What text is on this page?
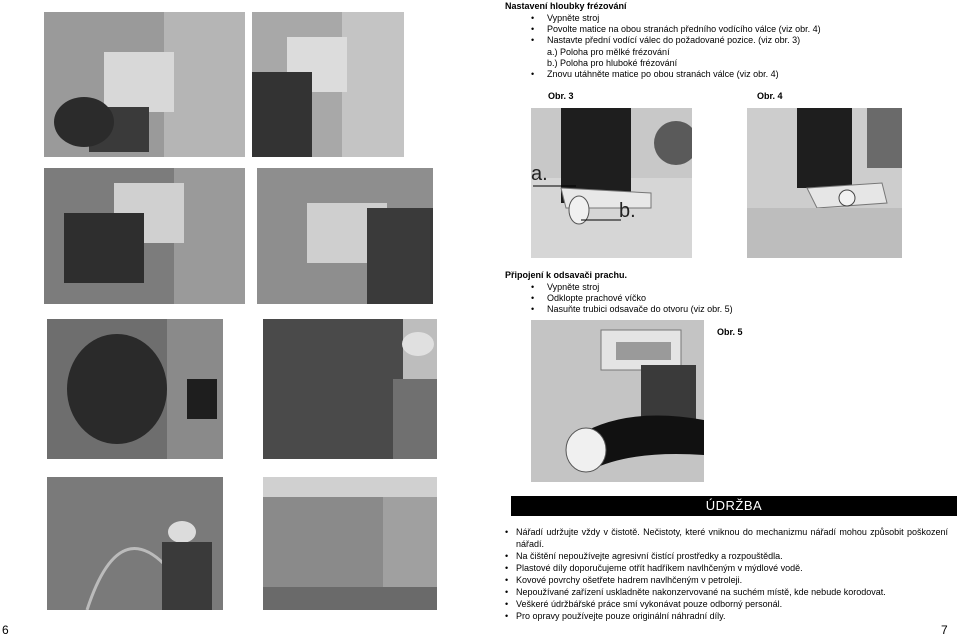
Nastavení hloubky frézování
• Vypněte stroj
• Povolte matice na obou stranách předního vodícího válce (viz obr. 4)
• Nastavte přední vodící válec do požadované pozice. (viz obr. 3)
a.) Poloha pro mělké frézování
b.) Poloha pro hluboké frézování
• Znovu utáhněte matice po obou stranách válce (viz obr. 4)
Obr. 3	Obr. 4
a.
b.
Připojení k odsavači prachu.
• Vypněte stroj
• Odklopte prachové víčko
• Nasuňte trubici odsavače do otvoru (viz obr. 5)
Obr. 5
ÚDRŽBA
• Nářadí udržujte vždy v čistotě. Nečistoty, které vniknou do mechanizmu nářadí mohou způsobit poškození nářadí.
• Na čištění nepoužívejte agresivní čistící prostředky a rozpouštědla.
• Plastové díly doporučujeme otřít hadříkem navlhčeným v mýdlové vodě.
• Kovové povrchy ošetřete hadrem navlhčeným v petroleji.
• Nepoužívané zařízení uskladněte nakonzervované na suchém místě, kde nebude korodovat.
• Veškeré údržbářské práce smí vykonávat pouze odborný personál.
• Pro opravy používejte pouze originální náhradní díly.
6	7
